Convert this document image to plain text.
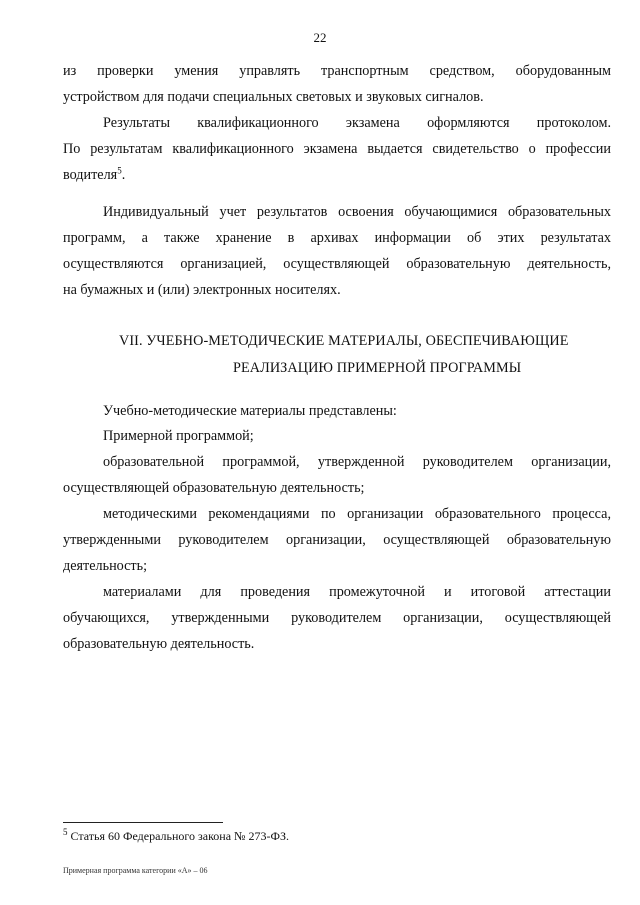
22
из проверки умения управлять транспортным средством, оборудованным
устройством для подачи специальных световых и звуковых сигналов.
Результаты квалификационного экзамена оформляются протоколом.
По результатам квалификационного экзамена выдается свидетельство о профессии
водителя$^5$.
Индивидуальный учет результатов освоения обучающимися образовательных
программ, а также хранение в архивах информации об этих результатах
осуществляются организацией, осуществляющей образовательную деятельность,
на бумажных и (или) электронных носителях.
VII. УЧЕБНО-МЕТОДИЧЕСКИЕ МАТЕРИАЛЫ, ОБЕСПЕЧИВАЮЩИЕ
РЕАЛИЗАЦИЮ ПРИМЕРНОЙ ПРОГРАММЫ
Учебно-методические материалы представлены:
Примерной программой;
образовательной программой, утвержденной руководителем организации,
осуществляющей образовательную деятельность;
методическими рекомендациями по организации образовательного процесса,
утвержденными руководителем организации, осуществляющей образовательную
деятельность;
материалами для проведения промежуточной и итоговой аттестации
обучающихся, утвержденными руководителем организации, осуществляющей
образовательную деятельность.
$^5$ Статья 60 Федерального закона № 273-ФЗ.
Примерная программа категории «А» – 06
